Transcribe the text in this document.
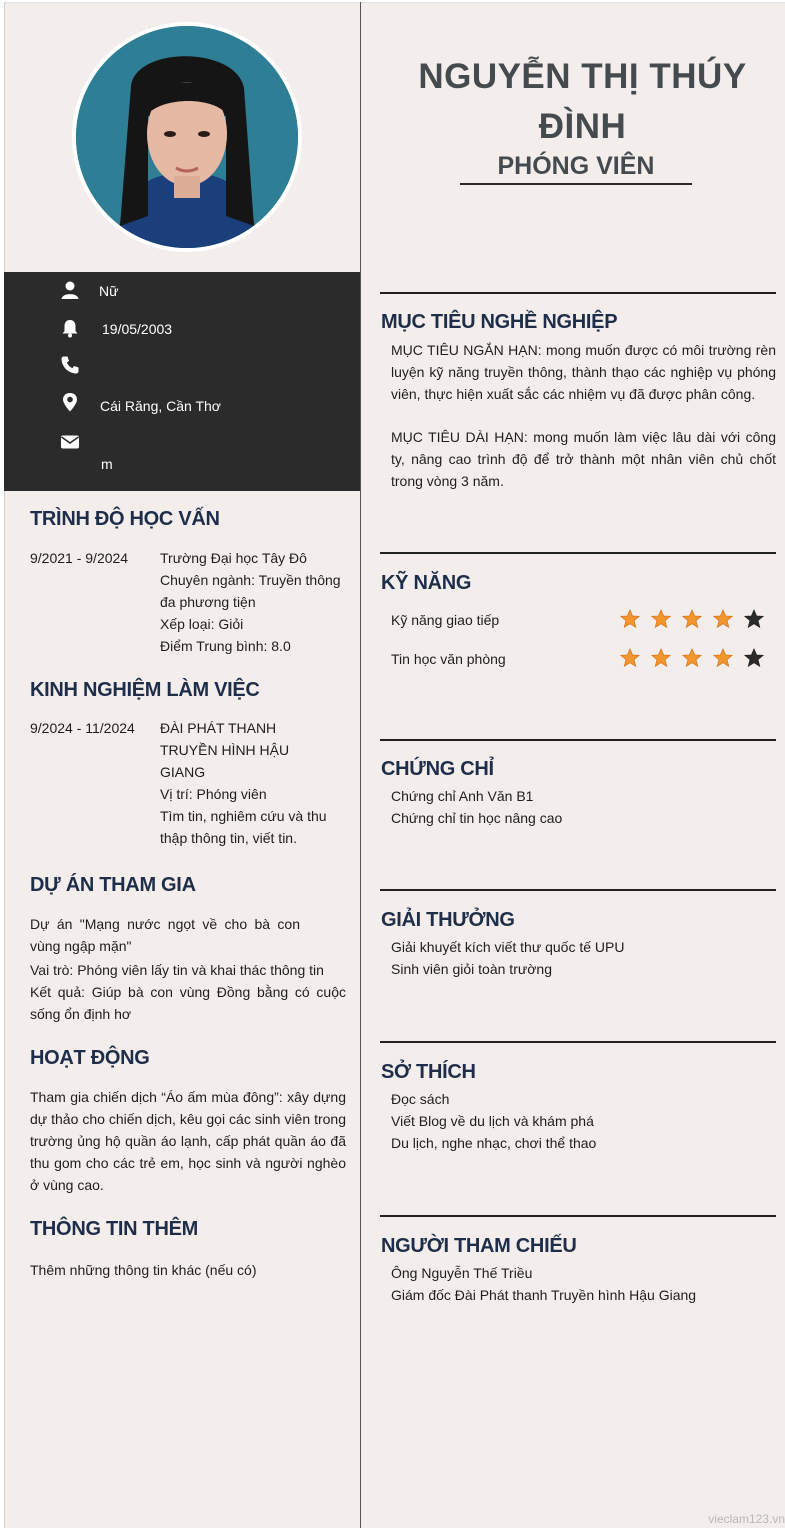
Nữ
19/05/2003
Cái Răng, Cần Thơ
m
TRÌNH ĐỘ HỌC VẤN
9/2021 - 9/2024 Trường Đại học Tây Đô
Chuyên ngành: Truyền thông
đa phương tiện
Xếp loại: Giỏi
Điểm Trung bình: 8.0
KINH NGHIỆM LÀM VIỆC
9/2024 - 11/2024 ĐÀI PHÁT THANH
TRUYỀN HÌNH HẬU
GIANG
Vị trí: Phóng viên
Tìm tin, nghiêm cứu và thu
thập thông tin, viết tin.
DỰ ÁN THAM GIA
Dự án "Mạng nước ngọt về cho bà con vùng ngập mặn"
Vai trò: Phóng viên lấy tin và khai thác thông tin
Kết quả: Giúp bà con vùng Đồng bằng có cuộc sống ổn định hơ
HOẠT ĐỘNG
Tham gia chiến dịch “Áo ấm mùa đông”: xây dựng dự thảo cho chiến dịch, kêu gọi các sinh viên trong trường ủng hộ quần áo lạnh, cấp phát quần áo đã thu gom cho các trẻ em, học sinh và người nghèo ở vùng cao.
THÔNG TIN THÊM
Thêm những thông tin khác (nếu có)
NGUYỄN THỊ THÚY
ĐÌNH
PHÓNG VIÊN
MỤC TIÊU NGHỀ NGHIỆP
MỤC TIÊU NGẮN HẠN: mong muốn được có môi trường rèn luyện kỹ năng truyền thông, thành thạo các nghiệp vụ phóng viên, thực hiện xuất sắc các nhiệm vụ đã được phân công.
MỤC TIÊU DÀI HẠN: mong muốn làm việc lâu dài với công ty, nâng cao trình độ để trở thành một nhân viên chủ chốt trong vòng 3 năm.
KỸ NĂNG
Kỹ năng giao tiếp
Tin học văn phòng
CHỨNG CHỈ
Chứng chỉ Anh Văn B1
Chứng chỉ tin học nâng cao
GIẢI THƯỞNG
Giải khuyết kích viết thư quốc tế UPU
Sinh viên giỏi toàn trường
SỞ THÍCH
Đọc sách
Viết Blog về du lịch và khám phá
Du lịch, nghe nhạc, chơi thể thao
NGƯỜI THAM CHIẾU
Ông Nguyễn Thế Triều
Giám đốc Đài Phát thanh Truyền hình Hậu Giang
vieclam123.vn
